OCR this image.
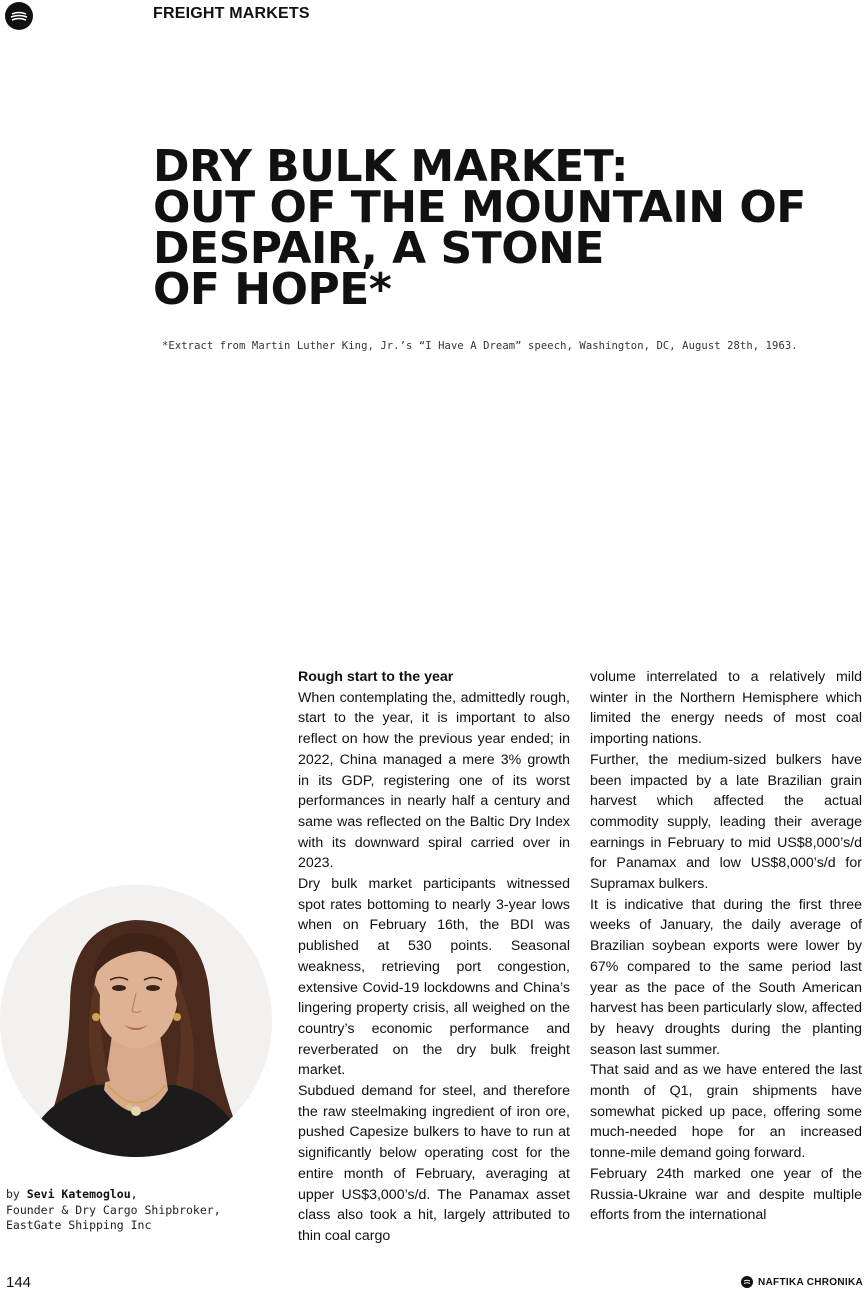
FREIGHT MARKETS
DRY BULK MARKET:
OUT OF THE MOUNTAIN OF
DESPAIR, A STONE
OF HOPE*
*Extract from Martin Luther King, Jr.’s “I Have A Dream” speech, Washington, DC, August 28th, 1963.
by Sevi Katemoglou,
Founder & Dry Cargo Shipbroker,
EastGate Shipping Inc
Rough start to the year

When contemplating the, admittedly rough, start to the year, it is important to also reflect on how the previous year ended; in 2022, China managed a mere 3% growth in its GDP, registering one of its worst performances in nearly half a century and same was reflected on the Baltic Dry Index with its downward spiral carried over in 2023.

Dry bulk market participants witnessed spot rates bottoming to nearly 3-year lows when on February 16th, the BDI was published at 530 points. Seasonal weakness, retrieving port congestion, extensive Covid-19 lockdowns and China’s lingering property crisis, all weighed on the country’s economic performance and reverberated on the dry bulk freight market.

Subdued demand for steel, and therefore the raw steelmaking ingredient of iron ore, pushed Capesize bulkers to have to run at significantly below operating cost for the entire month of February, averaging at upper US$3,000’s/d. The Panamax asset class also took a hit, largely attributed to thin coal cargo

volume interrelated to a relatively mild winter in the Northern Hemisphere which limited the energy needs of most coal importing nations.

Further, the medium-sized bulkers have been impacted by a late Brazilian grain harvest which affected the actual commodity supply, leading their average earnings in February to mid US$8,000’s/d for Panamax and low US$8,000’s/d for Supramax bulkers.

It is indicative that during the first three weeks of January, the daily average of Brazilian soybean exports were lower by 67% compared to the same period last year as the pace of the South American harvest has been particularly slow, affected by heavy droughts during the planting season last summer.

That said and as we have entered the last month of Q1, grain shipments have somewhat picked up pace, offering some much-needed hope for an increased tonne-mile demand going forward.

February 24th marked one year of the Russia-Ukraine war and despite multiple efforts from the international

144	NAFTIKA CHRONIKA
